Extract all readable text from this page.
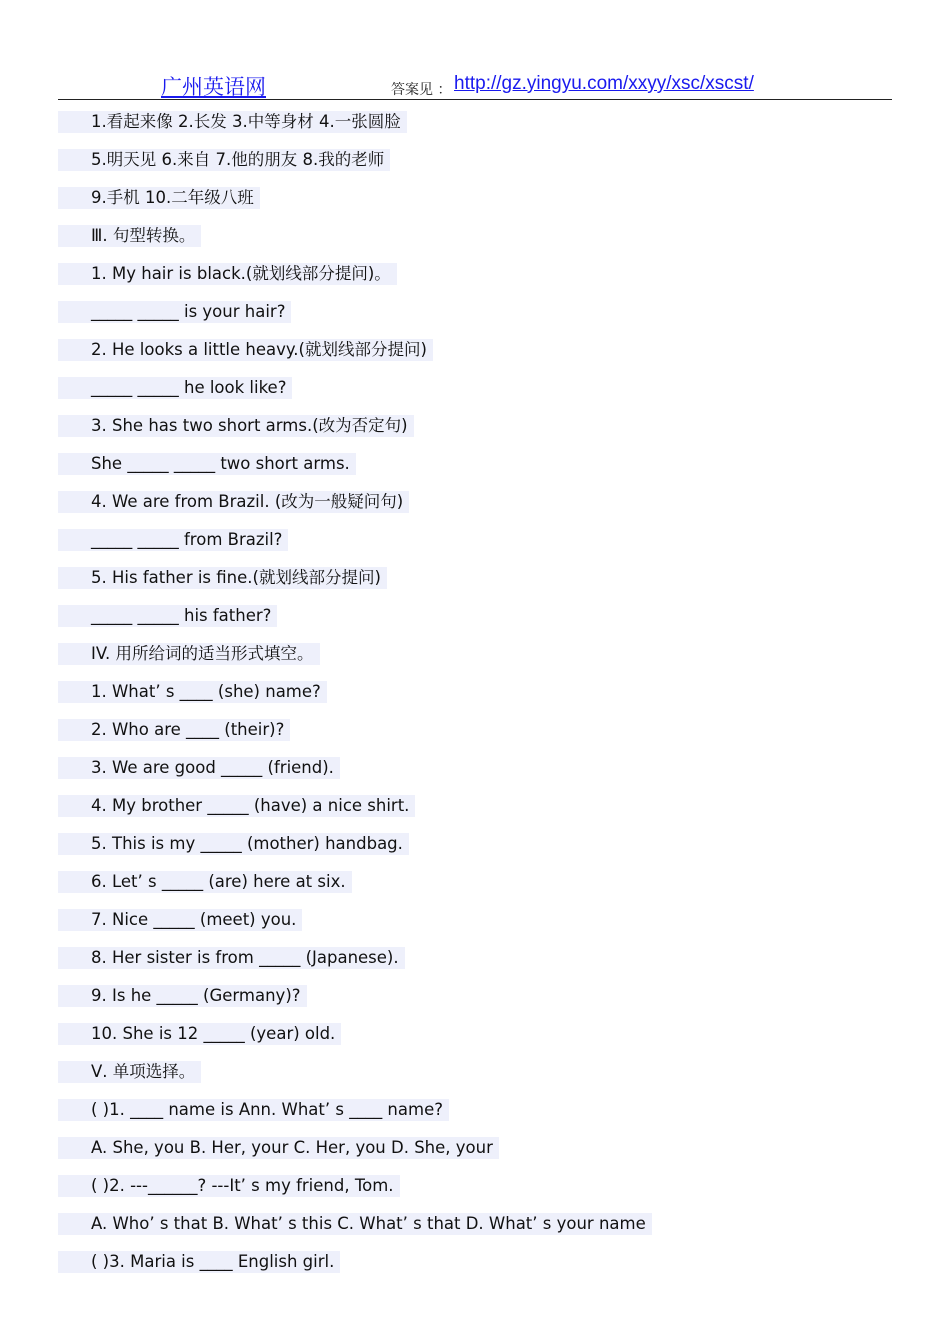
广州英语网	答案见 ： http://gz.yingyu.com/xxyy/xsc/xscst/
1.看起来像 2.长发 3.中等身材 4.一张圆脸
5.明天见 6.来自 7.他的朋友 8.我的老师
9.手机 10.二年级八班
Ⅲ. 句型转换。
1. My hair is black.(就划线部分提问)。
_____ _____ is your hair?
2. He looks a little heavy.(就划线部分提问)
_____ _____ he look like?
3. She has two short arms.(改为否定句)
She _____ _____ two short arms.
4. We are from Brazil. (改为一般疑问句)
_____ _____ from Brazil?
5. His father is fine.(就划线部分提问)
_____ _____ his father?
IV. 用所给词的适当形式填空。
1. What’ s ____ (she) name?
2. Who are ____ (their)?
3. We are good _____ (friend).
4. My brother _____ (have) a nice shirt.
5. This is my _____ (mother) handbag.
6. Let’ s _____ (are) here at six.
7. Nice _____ (meet) you.
8. Her sister is from _____ (Japanese).
9. Is he _____ (Germany)?
10. She is 12 _____ (year) old.
Ⅴ. 单项选择。
( )1. ____ name is Ann. What’ s ____ name?
A. She, you B. Her, your C. Her, you D. She, your
( )2. ---______? ---It’ s my friend, Tom.
A. Who’ s that B. What’ s this C. What’ s that D. What’ s your name
( )3. Maria is ____ English girl.
